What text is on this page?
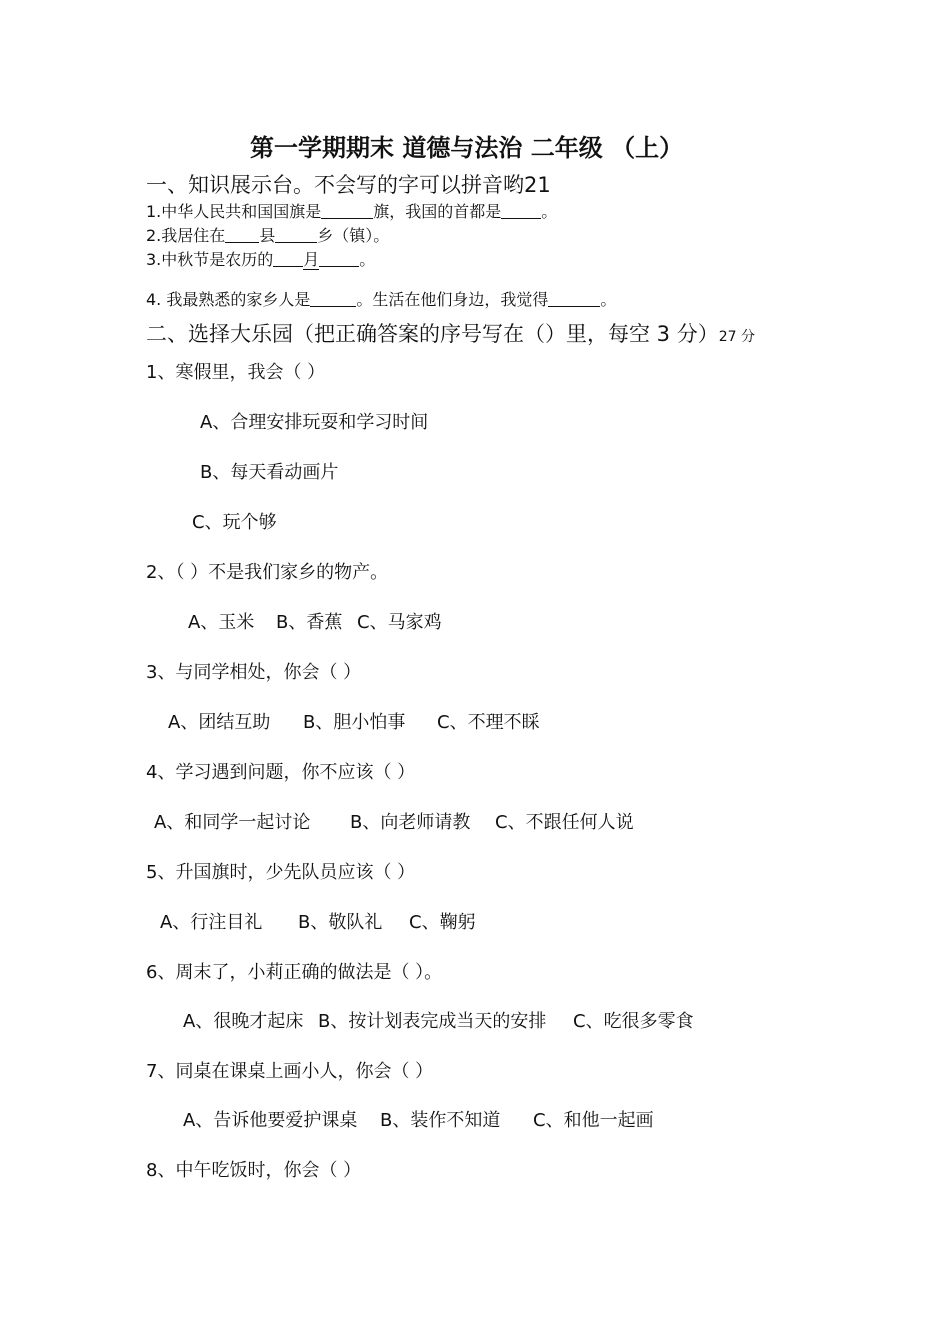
第一学期期末 道德与法治 二年级 （上）
一、知识展示台。不会写的字可以拼音哟21
1.中华人民共和国国旗是	旗，我国的首都是	。
2.我居住在 县	乡（镇）。
3.中秋节是农历的 月	。
4. 我最熟悉的家乡人是	。生活在他们身边，我觉得	。
二、选择大乐园（把正确答案的序号写在（）里，每空 3 分）27 分
1、寒假里，我会（ ）
A、合理安排玩耍和学习时间
B、每天看动画片
C、玩个够
2、（ ）不是我们家乡的物产。
A、玉米 B、香蕉 C、马家鸡
3、与同学相处，你会（ ）
A、团结互助 B、胆小怕事 C、不理不睬
4、学习遇到问题，你不应该（ ）
A、和同学一起讨论 B、向老师请教 C、不跟任何人说
5、升国旗时，少先队员应该（ ）
A、行注目礼 B、敬队礼 C、鞠躬
6、周末了，小莉正确的做法是（ ）。
A、很晚才起床 B、按计划表完成当天的安排 C、吃很多零食
7、同桌在课桌上画小人，你会（ ）
A、告诉他要爱护课桌 B、装作不知道 C、和他一起画
8、中午吃饭时，你会（ ）
